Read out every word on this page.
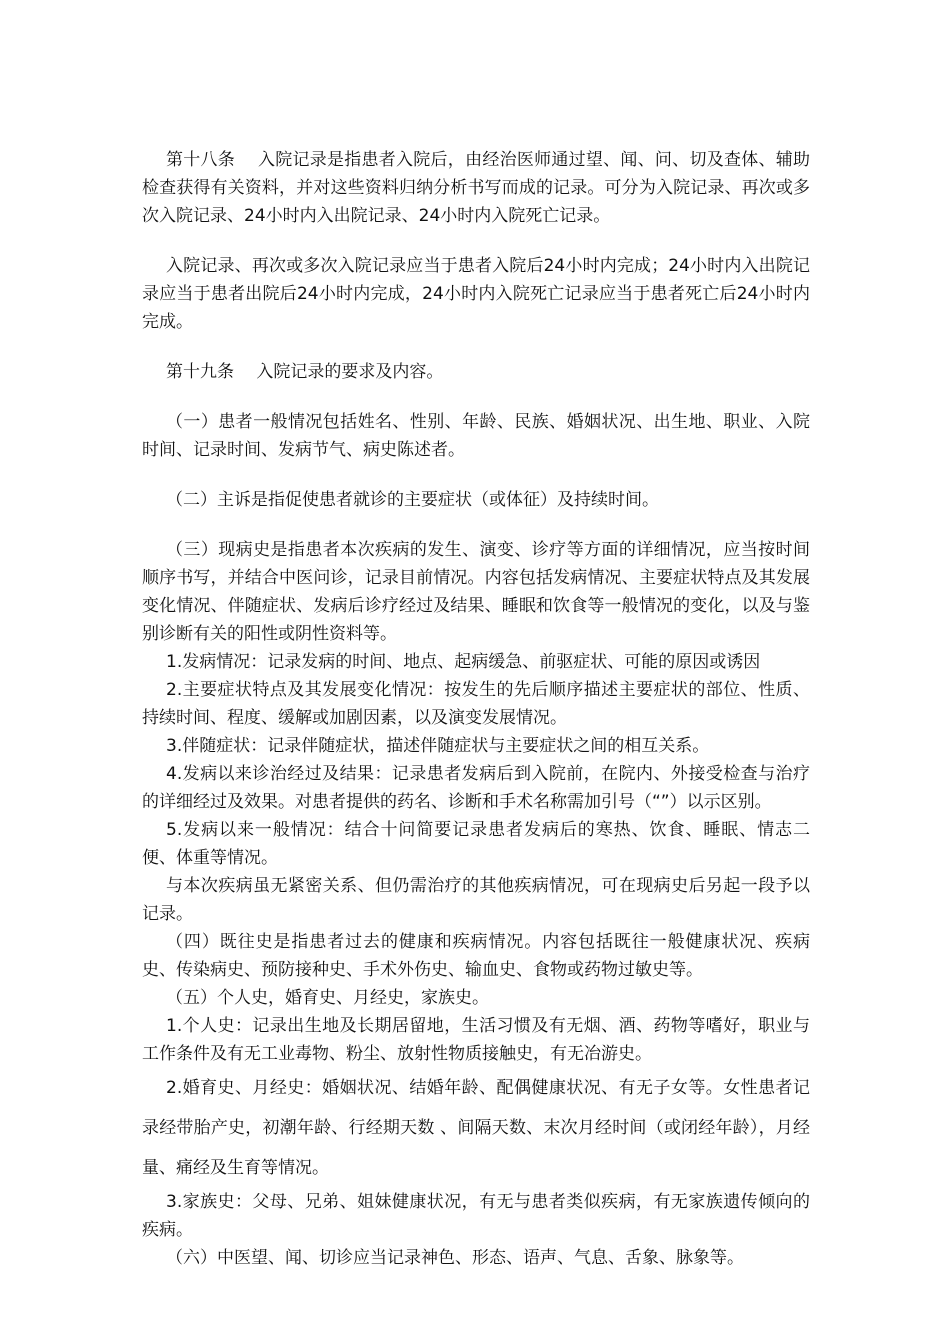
第十八条　 入院记录是指患者入院后，由经治医师通过望、闻、问、切及查体、辅助检查获得有关资料，并对这些资料归纳分析书写而成的记录。可分为入院记录、再次或多次入院记录、24小时内入出院记录、24小时内入院死亡记录。

入院记录、再次或多次入院记录应当于患者入院后24小时内完成；24小时内入出院记录应当于患者出院后24小时内完成，24小时内入院死亡记录应当于患者死亡后24小时内完成。

第十九条　 入院记录的要求及内容。

（一）患者一般情况包括姓名、性别、年龄、民族、婚姻状况、出生地、职业、入院时间、记录时间、发病节气、病史陈述者。

（二）主诉是指促使患者就诊的主要症状（或体征）及持续时间。

（三）现病史是指患者本次疾病的发生、演变、诊疗等方面的详细情况，应当按时间顺序书写，并结合中医问诊，记录目前情况。内容包括发病情况、主要症状特点及其发展变化情况、伴随症状、发病后诊疗经过及结果、睡眠和饮食等一般情况的变化，以及与鉴别诊断有关的阳性或阴性资料等。

1.发病情况：记录发病的时间、地点、起病缓急、前驱症状、可能的原因或诱因

2.主要症状特点及其发展变化情况：按发生的先后顺序描述主要症状的部位、性质、持续时间、程度、缓解或加剧因素，以及演变发展情况。

3.伴随症状：记录伴随症状，描述伴随症状与主要症状之间的相互关系。

4.发病以来诊治经过及结果：记录患者发病后到入院前，在院内、外接受检查与治疗的详细经过及效果。对患者提供的药名、诊断和手术名称需加引号（“”）以示区别。

5.发病以来一般情况：结合十问简要记录患者发病后的寒热、饮食、睡眠、情志二便、体重等情况。

与本次疾病虽无紧密关系、但仍需治疗的其他疾病情况，可在现病史后另起一段予以记录。

（四）既往史是指患者过去的健康和疾病情况。内容包括既往一般健康状况、疾病史、传染病史、预防接种史、手术外伤史、输血史、食物或药物过敏史等。

（五）个人史，婚育史、月经史，家族史。

1.个人史：记录出生地及长期居留地，生活习惯及有无烟、酒、药物等嗜好，职业与工作条件及有无工业毒物、粉尘、放射性物质接触史，有无冶游史。

2.婚育史、月经史：婚姻状况、结婚年龄、配偶健康状况、有无子女等。女性患者记录经带胎产史，初潮年龄、行经期天数 、间隔天数、末次月经时间（或闭经年龄），月经量、痛经及生育等情况。

3.家族史：父母、兄弟、姐妹健康状况，有无与患者类似疾病，有无家族遗传倾向的疾病。

（六）中医望、闻、切诊应当记录神色、形态、语声、气息、舌象、脉象等。
